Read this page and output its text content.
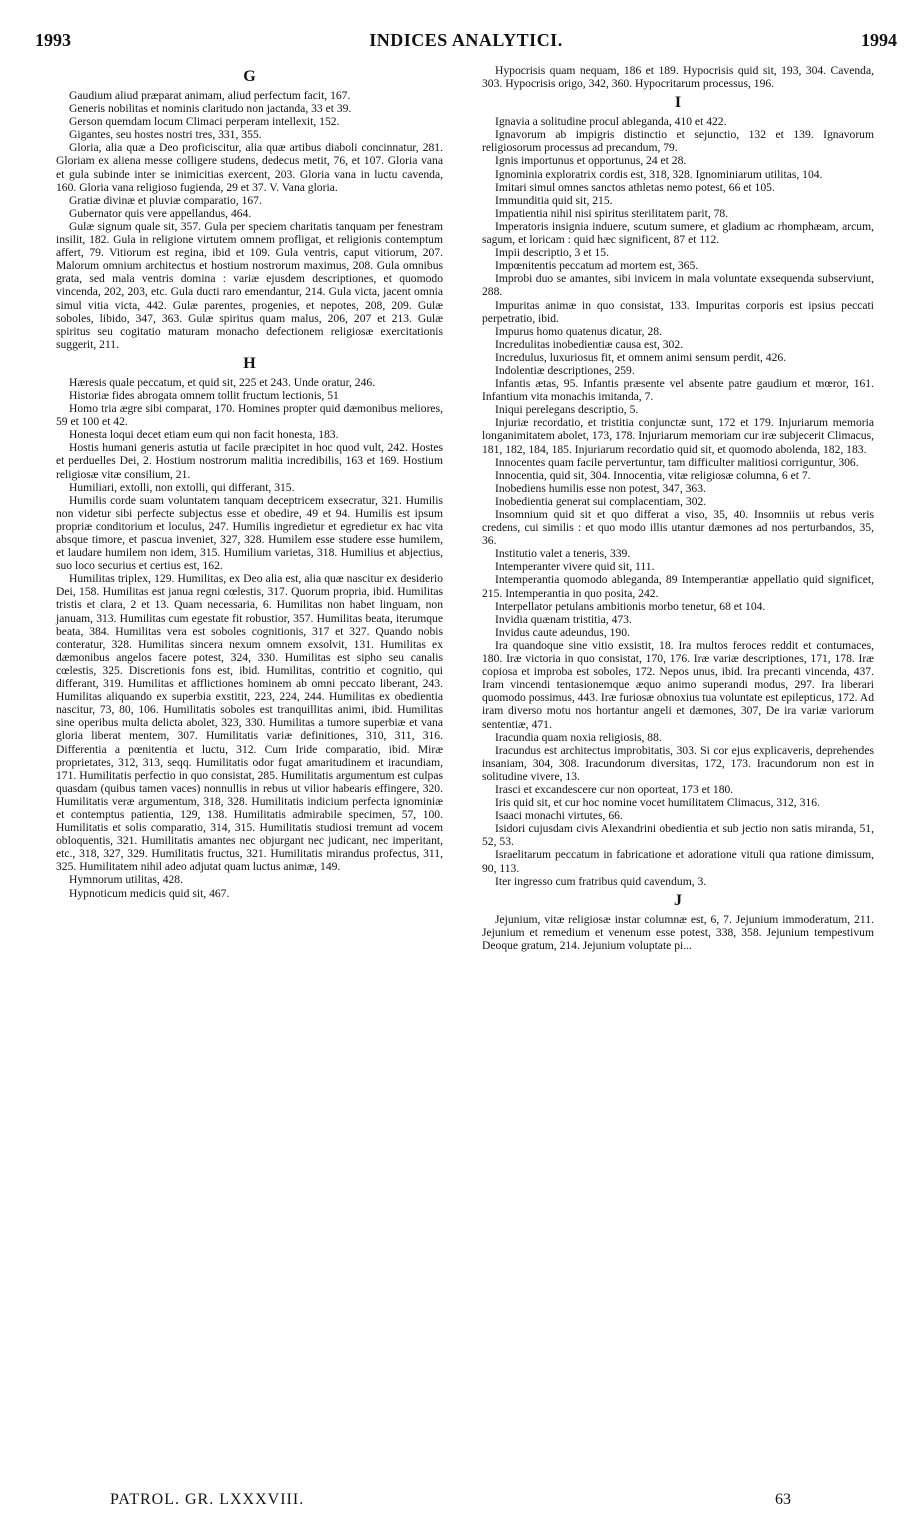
1993	INDICES ANALYTICI.	1994
G
Gaudium aliud præparat animam, aliud perfectum facit, 167.
Generis nobilitas et nominis claritudo non jactanda, 33 et 39.
Gerson quemdam locum Climaci perperam intellexit, 152.
Gigantes, seu hostes nostri tres, 331, 355.
Gloria, alia quæ a Deo proficiscitur, alia quæ artibus diaboli concinnatur, 281. Gloriam ex aliena messe colligere studens, dedecus metit, 76, et 107. Gloria vana et gula subinde inter se inimicitias exercent, 203. Gloria vana in luctu cavenda, 160. Gloria vana religioso fugienda, 29 et 37. V. Vana gloria.
Gratiæ divinæ et pluviæ comparatio, 167.
Gubernator quis vere appellandus, 464.
Gulæ signum quale sit, 357. Gula per speciem charitatis tanquam per fenestram insilit, 182. Gula in religione virtutem omnem profligat, et religionis contemptum affert, 79. Vitiorum est regina, ibid et 109. Gula ventris, caput vitiorum, 207. Malorum omnium architectus et hostium nostrorum maximus, 208. Gula omnibus grata, sed mala ventris domina : variæ ejusdem descriptiones, et quomodo vincenda, 202, 203, etc. Gula ducti raro emendantur, 214. Gula victa, jacent omnia simul vitia victa, 442. Gulæ parentes, progenies, et nepotes, 208, 209. Gulæ soboles, libido, 347, 363. Gulæ spiritus quam malus, 206, 207 et 213. Gulæ spiritus seu cogitatio maturam monacho defectionem religiosæ exercitationis suggerit, 211.
H
Hæresis quale peccatum, et quid sit, 225 et 243. Unde oratur, 246.
Historiæ fides abrogata omnem tollit fructum lectionis, 51
Homo tria ægre sibi comparat, 170. Homines propter quid dæmonibus meliores, 59 et 100 et 42.
Honesta loqui decet etiam eum qui non facit honesta, 183.
Hostis humani generis astutia ut facile præcipitet in hoc quod vult, 242. Hostes et perduelles Dei, 2. Hostium nostrorum malitia incredibilis, 163 et 169. Hostium religiosæ vitæ consilium, 21.
Humiliari, extolli, non extolli, qui differant, 315.
Humilis corde suam voluntatem tanquam deceptricem exsecratur, 321. Humilis non videtur sibi perfecte subjectus esse et obedire, 49 et 94. Humilis est ipsum propriæ conditorium et loculus, 247. Humilis ingredietur et egredietur ex hac vita absque timore, et pascua inveniet, 327, 328. Humilem esse studere esse humilem, et laudare humilem non idem, 315. Humilium varietas, 318. Humilius et abjectius, suo loco securius et certius est, 162.
Humilitas triplex, 129. Humilitas, ex Deo alia est, alia quæ nascitur ex desiderio Dei, 158. Humilitas est janua regni cœlestis, 317. Quorum propria, ibid. Humilitas tristis et clara, 2 et 13. Quam necessaria, 6. Humilitas non habet linguam, non januam, 313. Humilitas cum egestate fit robustior, 357. Humilitas beata, iterumque beata, 384. Humilitas vera est soboles cognitionis, 317 et 327. Quando nobis conteratur, 328. Humilitas sincera nexum omnem exsolvit, 131. Humilitas ex dæmonibus angelos facere potest, 324, 330. Humilitas est sipho seu canalis cœlestis, 325. Discretionis fons est, ibid. Humilitas, contritio et cognitio, qui differant, 319. Humilitas et afflictiones hominem ab omni peccato liberant, 243. Humilitas aliquando ex superbia exstitit, 223, 224, 244. Humilitas ex obedientia nascitur, 73, 80, 106. Humilitatis soboles est tranquillitas animi, ibid. Humilitas sine operibus multa delicta abolet, 323, 330. Humilitas a tumore superbiæ et vana gloria liberat mentem, 307. Humilitatis variæ definitiones, 310, 311, 316. Differentia a pœnitentia et luctu, 312. Cum Iride comparatio, ibid. Miræ proprietates, 312, 313, seqq. Humilitatis odor fugat amaritudinem et iracundiam, 171. Humilitatis perfectio in quo consistat, 285. Humilitatis argumentum est culpas quasdam (quibus tamen vaces) nonnullis in rebus ut vilior habearis effingere, 320. Humilitatis veræ argumentum, 318, 328. Humilitatis indicium perfecta ignominiæ et contemptus patientia, 129, 138. Humilitatis admirabile specimen, 57, 100. Humilitatis et solis comparatio, 314, 315. Humilitatis studiosi tremunt ad vocem obloquentis, 321. Humilitatis amantes nec objurgant nec judicant, nec imperitant, etc., 318, 327, 329. Humilitatis fructus, 321. Humilitatis mirandus profectus, 311, 325. Humilitatem nihil adeo adjutat quam luctus animæ, 149.
Hymnorum utilitas, 428.
Hypnoticum medicis quid sit, 467.
Hypocrisis quam nequam, 186 et 189. Hypocrisis quid sit, 193, 304. Cavenda, 303. Hypocrisis origo, 342, 360. Hypocritarum processus, 196.
I
Ignavia a solitudine procul ablegand​a, 410 et 422.
Ignavorum ab impigris distinctio et sejunctio, 132 et 139. Ignavorum religiosorum processus ad precandum, 79.
Ignis importunus et opportunus, 24 et 28.
Ignominia exploratrix cordis est, 318, 328. Ignominiarum utilitas, 104.
Imitari simul omnes sanctos athletas nemo potest, 66 et 105.
Immunditia quid sit, 215.
Impatientia nihil nisi spiritus sterilitatem parit, 78.
Imperatoris insignia induere, scutum sumere, et gladium ac rhomphæam, arcum, sagum, et loricam : quid hæc significent, 87 et 112.
Impii descriptio, 3 et 15.
Impœnitentis peccatum ad mortem est, 365.
Improbi duo se amantes, sibi invicem in mala voluntate exsequenda subserviunt, 288.
Impuritas animæ in quo consistat, 133. Impuritas corporis est ipsius peccati perpetratio, ibid.
Impurus homo quatenus dicatur, 28.
Incredulitas inobedientiæ causa est, 302.
Incredulus, luxuriosus fit, et omnem animi sensum perdit, 426.
Indolentiæ descriptiones, 259.
Infantis ætas, 95. Infantis præsente vel absente patre gaudium et mœror, 161. Infantium vita monachis imitanda, 7.
Iniqui perelegans descriptio, 5.
Injuriæ recordatio, et tristitia conjunctæ sunt, 172 et 179. Injuriarum memoria longanimitatem abolet, 173, 178. Injuriarum memoriam cur iræ subjecerit Climacus, 181, 182, 184, 185. Injuriarum recordatio quid sit, et quomodo abolenda, 182, 183.
Innocentes quam facile pervertuntur, tam difficulter malitiosi corriguntur, 306.
Innocentia, quid sit, 304. Innocentia, vitæ religiosæ columna, 6 et 7.
Inobediens humilis esse non potest, 347, 363.
Inobedientia generat sui complacentiam, 302.
Insomnium quid sit et quo differat a viso, 35, 40. Insomniis ut rebus veris credens, cui similis : et quo modo illis utantur dæmones ad nos perturbandos, 35, 36.
Institutio valet a teneris, 339.
Intemperanter vivere quid sit, 111.
Intemperantia quomodo ablegand​a, 89 Intemperantiæ appellatio quid significet, 215. Intemperantia in quo posita, 242.
Interpellator petulans ambitionis morbo tenetur, 68 et 104.
Invidia quænam tristitia, 473.
Invidus caute adeundus, 190.
Ira quandoque sine vitio exsistit, 18. Ira multos feroces reddit et contumaces, 180. Iræ victoria in quo consistat, 170, 176. Iræ variæ descriptiones, 171, 178. Iræ copiosa et improba est soboles, 172. Nepos unus, ibid. Ira precanti vincenda, 437. Iram vincendi tentasionemque æquo animo superandi modus, 297. Ira liberari quomodo possimus, 443. Iræ furiosæ obnoxius tua voluntate est epilepticus, 172. Ad iram diverso motu nos hortantur angeli et dæmones, 307, De ira variæ variorum sententiæ, 471.
Iracundia quam noxia religiosis, 88.
Iracundus est architectus improbitatis, 303. Si cor ejus explicaveris, deprehendes insaniam, 304, 308. Iracundorum diversitas, 172, 173. Iracundorum non est in solitudine vivere, 13.
Irasci et excandescere cur non oporteat, 173 et 180.
Iris quid sit, et cur hoc nomine vocet humilitatem Climacus, 312, 316.
Isaaci monachi virtutes, 66.
Isidori cujusdam civis Alexandrini obedientia et sub jectio non satis miranda, 51, 52, 53.
Israelitarum peccatum in fabricatione et adoratione vituli qua ratione dimissum, 90, 113.
Iter ingresso cum fratribus quid cavendum, 3.
J
Jejunium, vitæ religiosæ instar columnæ est, 6, 7. Jejunium immoderatum, 211. Jejunium et remedium et venenum esse potest, 338, 358. Jejunium tempestivum Deoque gratum, 214. Jejunium voluptate pi...
PATROL. GR. LXXXVIII.	63
